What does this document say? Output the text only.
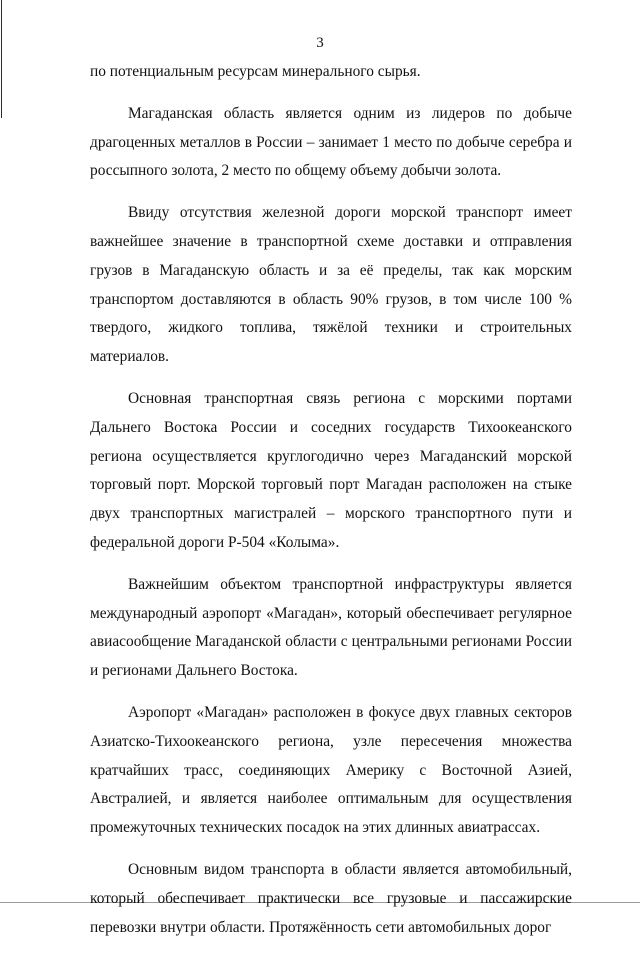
3

по потенциальным ресурсам минерального сырья.

Магаданская область является одним из лидеров по добыче драгоценных металлов в России – занимает 1 место по добыче серебра и россыпного золота, 2 место по общему объему добычи золота.

Ввиду отсутствия железной дороги морской транспорт имеет важнейшее значение в транспортной схеме доставки и отправления грузов в Магаданскую область и за её пределы, так как морским транспортом доставляются в область 90% грузов, в том числе 100 % твердого, жидкого топлива, тяжёлой техники и строительных материалов.

Основная транспортная связь региона с морскими портами Дальнего Востока России и соседних государств Тихоокеанского региона осуществляется круглогодично через Магаданский морской торговый порт. Морской торговый порт Магадан расположен на стыке двух транспортных магистралей – морского транспортного пути и федеральной дороги Р-504 «Колыма».

Важнейшим объектом транспортной инфраструктуры является международный аэропорт «Магадан», который обеспечивает регулярное авиасообщение Магаданской области с центральными регионами России и регионами Дальнего Востока.

Аэропорт «Магадан» расположен в фокусе двух главных секторов Азиатско-Тихоокеанского региона, узле пересечения множества кратчайших трасс, соединяющих Америку с Восточной Азией, Австралией, и является наиболее оптимальным для осуществления промежуточных технических посадок на этих длинных авиатрассах.

Основным видом транспорта в области является автомобильный, который обеспечивает практически все грузовые и пассажирские перевозки внутри области. Протяжённость сети автомобильных дорог
